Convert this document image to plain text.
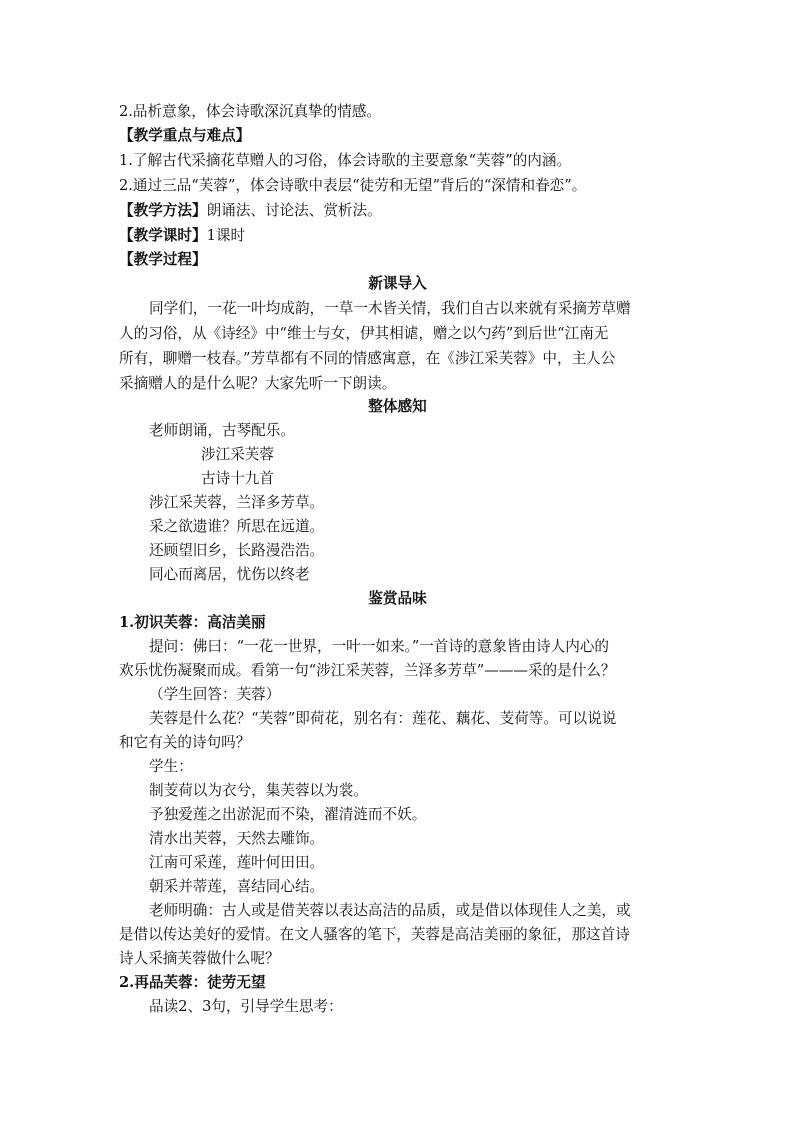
2.品析意象，体会诗歌深沉真挚的情感。
【教学重点与难点】
1.了解古代采摘花草赠人的习俗，体会诗歌的主要意象“芙蓉”的内涵。
2.通过三品“芙蓉”，体会诗歌中表层“徒劳和无望”背后的“深情和眷恋”。
【教学方法】朗诵法、讨论法、赏析法。
【教学课时】1课时
【教学过程】
新课导入
同学们，一花一叶均成韵，一草一木皆关情，我们自古以来就有采摘芳草赠
人的习俗，从《诗经》中“维士与女，伊其相谑，赠之以勺药”到后世“江南无
所有，聊赠一枝春。”芳草都有不同的情感寓意，在《涉江采芙蓉》中，主人公
采摘赠人的是什么呢？大家先听一下朗读。
整体感知
老师朗诵，古琴配乐。
涉江采芙蓉
古诗十九首
涉江采芙蓉，兰泽多芳草。
采之欲遗谁？所思在远道。
还顾望旧乡，长路漫浩浩。
同心而离居，忧伤以终老
鉴赏品味
1.初识芙蓉：高洁美丽
提问：佛曰：“一花一世界，一叶一如来。”一首诗的意象皆由诗人内心的
欢乐忧伤凝聚而成。看第一句“涉江采芙蓉，兰泽多芳草”———采的是什么？
（学生回答：芙蓉）
芙蓉是什么花？“芙蓉”即荷花，别名有：莲花、藕花、芰荷等。可以说说
和它有关的诗句吗？
学生：
制芰荷以为衣兮，集芙蓉以为裳。
予独爱莲之出淤泥而不染，濯清涟而不妖。
清水出芙蓉，天然去雕饰。
江南可采莲，莲叶何田田。
朝采并蒂莲，喜结同心结。
老师明确：古人或是借芙蓉以表达高洁的品质，或是借以体现佳人之美，或
是借以传达美好的爱情。在文人骚客的笔下，芙蓉是高洁美丽的象征，那这首诗
诗人采摘芙蓉做什么呢？
2.再品芙蓉：徒劳无望
品读2、3句，引导学生思考：
